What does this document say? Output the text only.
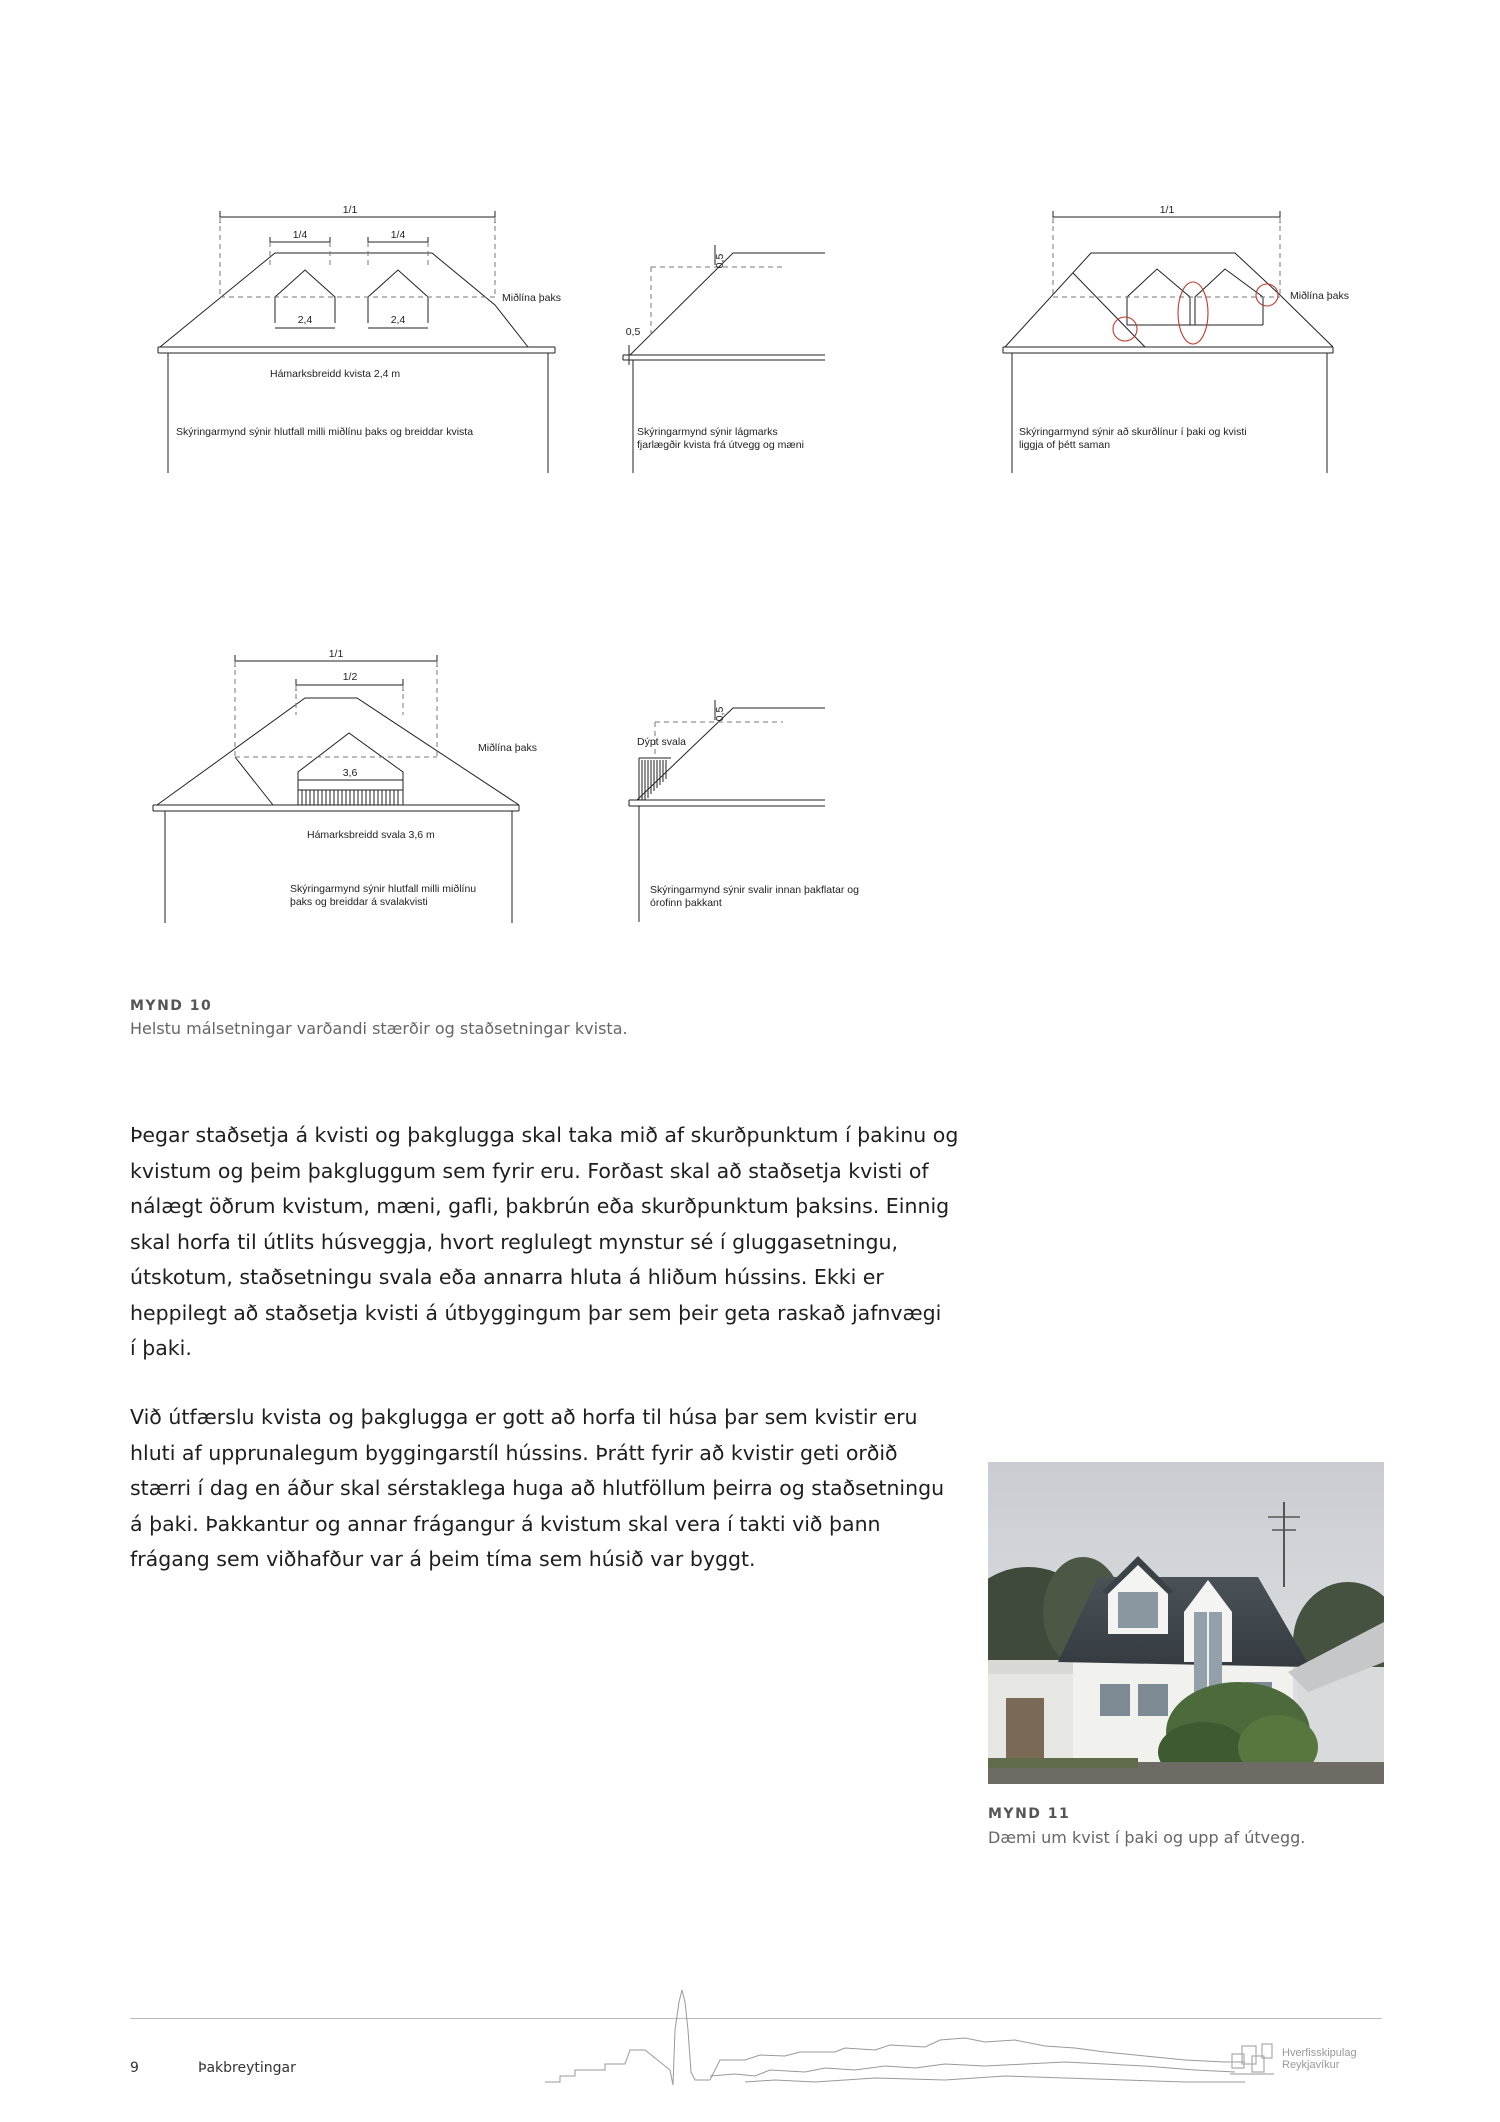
1/1
1/4	1/4
2,4	2,4
Miðlína þaks
Hámarksbreidd kvista 2,4 m
Skýringarmynd sýnir hlutfall milli miðlínu þaks og breiddar kvista
0,5
0,5
Skýringarmynd sýnir lágmarks
fjarlægðir kvista frá útvegg og mæni
1/1
Miðlína þaks
Skýringarmynd sýnir að skurðlínur í þaki og kvisti
liggja of þétt saman
1/1
1/2
3,6
Miðlína þaks
Hámarksbreidd svala 3,6 m
Skýringarmynd sýnir hlutfall milli miðlínu
þaks og breiddar á svalakvisti
0,5
Dýpt svala
Skýringarmynd sýnir svalir innan þakflatar og
órofinn þakkant
MYND 10
Helstu málsetningar varðandi stærðir og staðsetningar kvista.
Þegar staðsetja á kvisti og þakglugga skal taka mið af skurðpunktum í þakinu og
kvistum og þeim þakgluggum sem fyrir eru. Forðast skal að staðsetja kvisti of
nálægt öðrum kvistum, mæni, gafli, þakbrún eða skurðpunktum þaksins. Einnig
skal horfa til útlits húsveggja, hvort reglulegt mynstur sé í gluggasetningu,
útskotum, staðsetningu svala eða annarra hluta á hliðum hússins. Ekki er
heppilegt að staðsetja kvisti á útbyggingum þar sem þeir geta raskað jafnvægi
í þaki.
Við útfærslu kvista og þakglugga er gott að horfa til húsa þar sem kvistir eru
hluti af upprunalegum byggingarstíl hússins. Þrátt fyrir að kvistir geti orðið
stærri í dag en áður skal sérstaklega huga að hlutföllum þeirra og staðsetningu
á þaki. Þakkantur og annar frágangur á kvistum skal vera í takti við þann
frágang sem viðhafður var á þeim tíma sem húsið var byggt.
MYND 11
Dæmi um kvist í þaki og upp af útvegg.
9	Þakbreytingar
Hverfisskipulag
Reykjavíkur
